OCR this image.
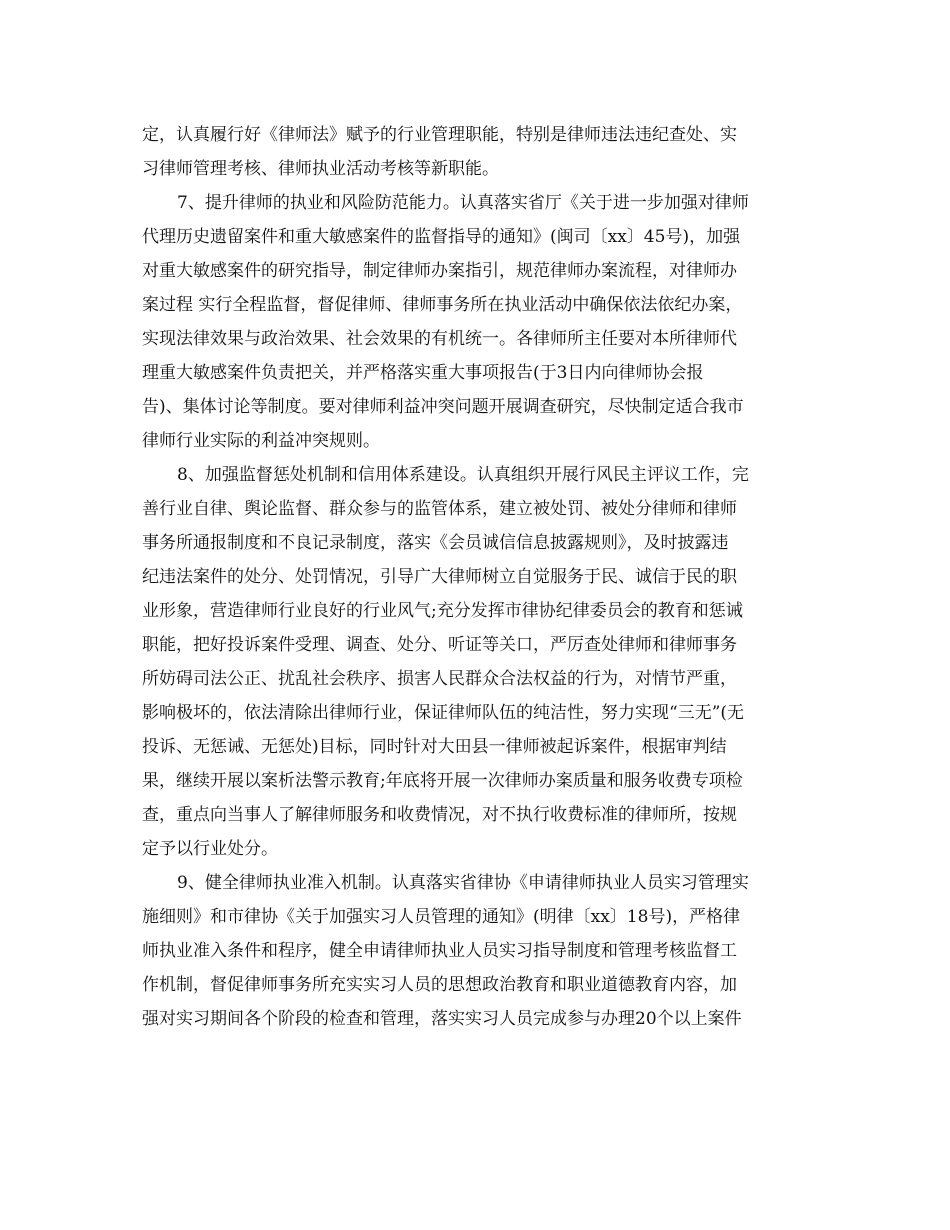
定，认真履行好《律师法》赋予的行业管理职能，特别是律师违法违纪查处、实
习律师管理考核、律师执业活动考核等新职能。
7、提升律师的执业和风险防范能力。认真落实省厅《关于进一步加强对律师
代理历史遗留案件和重大敏感案件的监督指导的通知》(闽司〔xx〕45号)，加强
对重大敏感案件的研究指导，制定律师办案指引，规范律师办案流程，对律师办
案过程 实行全程监督，督促律师、律师事务所在执业活动中确保依法依纪办案，
实现法律效果与政治效果、社会效果的有机统一。各律师所主任要对本所律师代
理重大敏感案件负责把关，并严格落实重大事项报告(于3日内向律师协会报
告)、集体讨论等制度。要对律师利益冲突问题开展调查研究，尽快制定适合我市
律师行业实际的利益冲突规则。
8、加强监督惩处机制和信用体系建设。认真组织开展行风民主评议工作，完
善行业自律、舆论监督、群众参与的监管体系，建立被处罚、被处分律师和律师
事务所通报制度和不良记录制度，落实《会员诚信信息披露规则》，及时披露违
纪违法案件的处分、处罚情况，引导广大律师树立自觉服务于民、诚信于民的职
业形象，营造律师行业良好的行业风气;充分发挥市律协纪律委员会的教育和惩诫
职能，把好投诉案件受理、调查、处分、听证等关口，严厉查处律师和律师事务
所妨碍司法公正、扰乱社会秩序、损害人民群众合法权益的行为，对情节严重，
影响极坏的，依法清除出律师行业，保证律师队伍的纯洁性，努力实现“三无”(无
投诉、无惩诫、无惩处)目标，同时针对大田县一律师被起诉案件，根据审判结
果，继续开展以案析法警示教育;年底将开展一次律师办案质量和服务收费专项检
查，重点向当事人了解律师服务和收费情况，对不执行收费标准的律师所，按规
定予以行业处分。
9、健全律师执业准入机制。认真落实省律协《申请律师执业人员实习管理实
施细则》和市律协《关于加强实习人员管理的通知》(明律〔xx〕18号)，严格律
师执业准入条件和程序，健全申请律师执业人员实习指导制度和管理考核监督工
作机制，督促律师事务所充实实习人员的思想政治教育和职业道德教育内容，加
强对实习期间各个阶段的检查和管理，落实实习人员完成参与办理20个以上案件
